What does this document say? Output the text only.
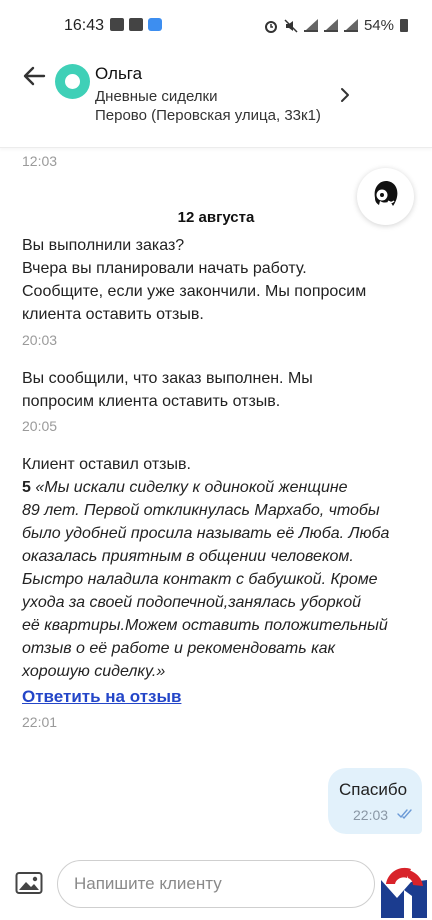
16:43	54%
Ольга
Дневные сиделки
Перово (Перовская улица, 33к1)
12:03
12 августа
Вы выполнили заказ?
Вчера вы планировали начать работу.
Сообщите, если уже закончили. Мы попросим
клиента оставить отзыв.
20:03
Вы сообщили, что заказ выполнен. Мы
попросим клиента оставить отзыв.
20:05
Клиент оставил отзыв.
5 «Мы искали сиделку к одинокой женщине
89 лет. Первой откликнулась Мархабо, чтобы
было удобней просила называть её Люба. Люба
оказалась приятным в общении человеком.
Быстро наладила контакт с бабушкой. Кроме
ухода за своей подопечной,занялась уборкой
её квартиры.Можем оставить положительный
отзыв о её работе и рекомендовать как
хорошую сиделку.»
Ответить на отзыв
22:01
Спасибо
22:03
Напишите клиенту
